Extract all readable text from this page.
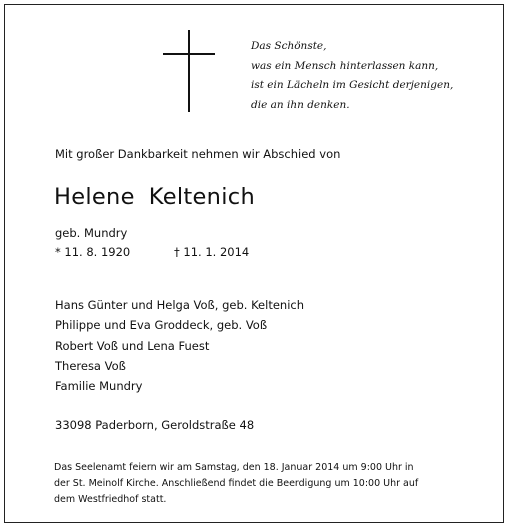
Das Schönste,
was ein Mensch hinterlassen kann,
ist ein Lächeln im Gesicht derjenigen,
die an ihn denken.
Mit großer Dankbarkeit nehmen wir Abschied von
Helene Keltenich
geb. Mundry
* 11. 8. 1920	† 11. 1. 2014
Hans Günter und Helga Voß, geb. Keltenich
Philippe und Eva Groddeck, geb. Voß
Robert Voß und Lena Fuest
Theresa Voß
Familie Mundry
33098 Paderborn, Geroldstraße 48
Das Seelenamt feiern wir am Samstag, den 18. Januar 2014 um 9:00 Uhr in
der St. Meinolf Kirche. Anschließend findet die Beerdigung um 10:00 Uhr auf
dem Westfriedhof statt.
